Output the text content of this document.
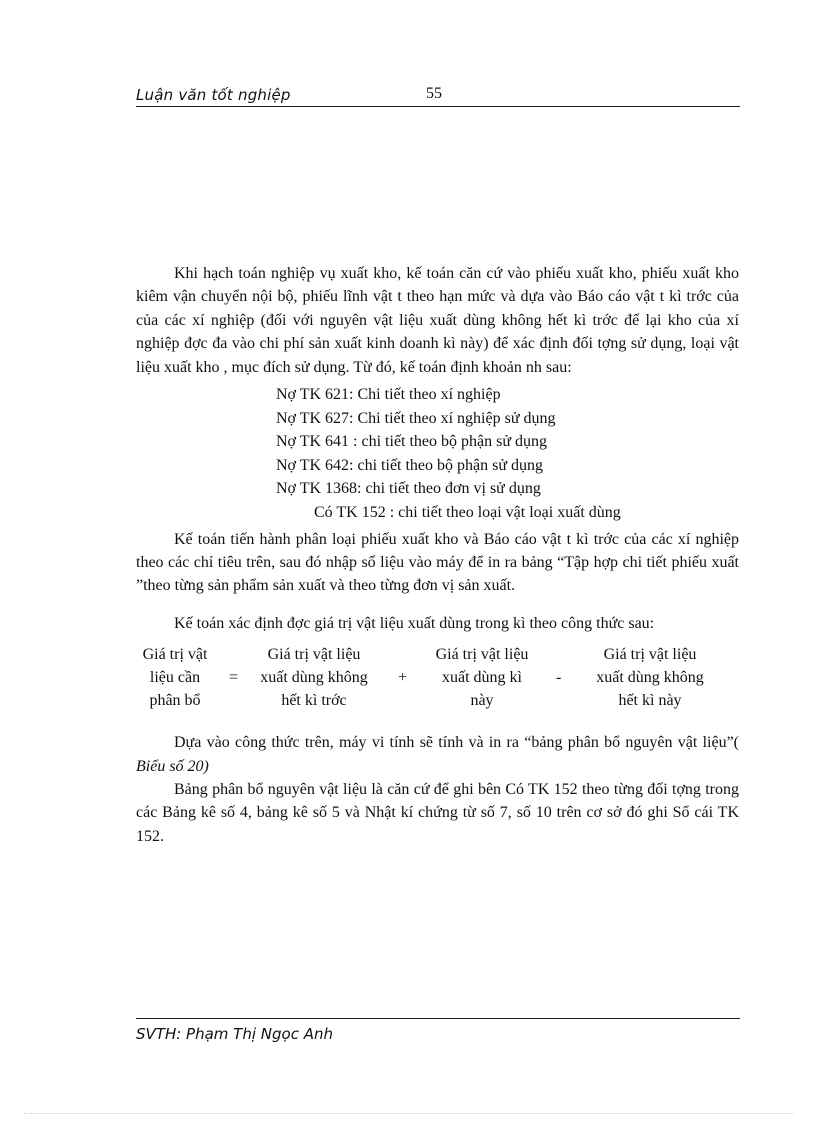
Luận văn tốt nghiệp	55

Khi hạch toán nghiệp vụ xuất kho, kế toán căn cứ vào phiếu xuất kho, phiếu xuất kho kiêm vận chuyển nội bộ, phiếu lĩnh vật t theo hạn mức và dựa vào Báo cáo vật t kì trớc của của các xí nghiệp (đối với nguyên vật liệu xuất dùng không hết kì trớc để lại kho của xí nghiệp đợc đa vào chi phí sản xuất kinh doanh kì này) để xác định đối tợng sử dụng, loại vật liệu xuất kho , mục đích sử dụng. Từ đó, kế toán định khoản nh sau:

Nợ TK 621: Chi tiết theo xí nghiệp
Nợ TK 627: Chi tiết theo xí nghiệp sử dụng
Nợ TK 641 : chi tiết theo bộ phận sử dụng
Nợ TK 642: chi tiết theo bộ phận sử dụng
Nợ TK 1368: chi tiết theo đơn vị sử dụng
Có TK 152 : chi tiết theo loại vật loại xuất dùng

Kế toán tiến hành phân loại phiếu xuất kho và Báo cáo vật t kì trớc của các xí nghiệp theo các chỉ tiêu trên, sau đó nhập số liệu vào máy để in ra bảng “Tập hợp chi tiết phiếu xuất ”theo từng sản phẩm sản xuất và theo từng đơn vị sản xuất.

Kế toán xác định đợc giá trị vật liệu xuất dùng trong kì theo công thức sau:

Giá trị vật
liệu cần
phân bổ
=
Giá trị vật liệu
xuất dùng không
hết kì trớc
+
Giá trị vật liệu
xuất dùng kì
này
-
Giá trị vật liệu
xuất dùng không
hết kì này

Dựa vào công thức trên, máy vi tính sẽ tính và in ra “bảng phân bổ nguyên vật liệu”( Biểu số 20)

Bảng phân bổ nguyên vật liệu là căn cứ để ghi bên Có TK 152 theo từng đối tợng trong các Bảng kê số 4, bảng kê số 5 và Nhật kí chứng từ số 7, số 10 trên cơ sở đó ghi Sổ cái TK 152.

SVTH: Phạm Thị Ngọc Anh
